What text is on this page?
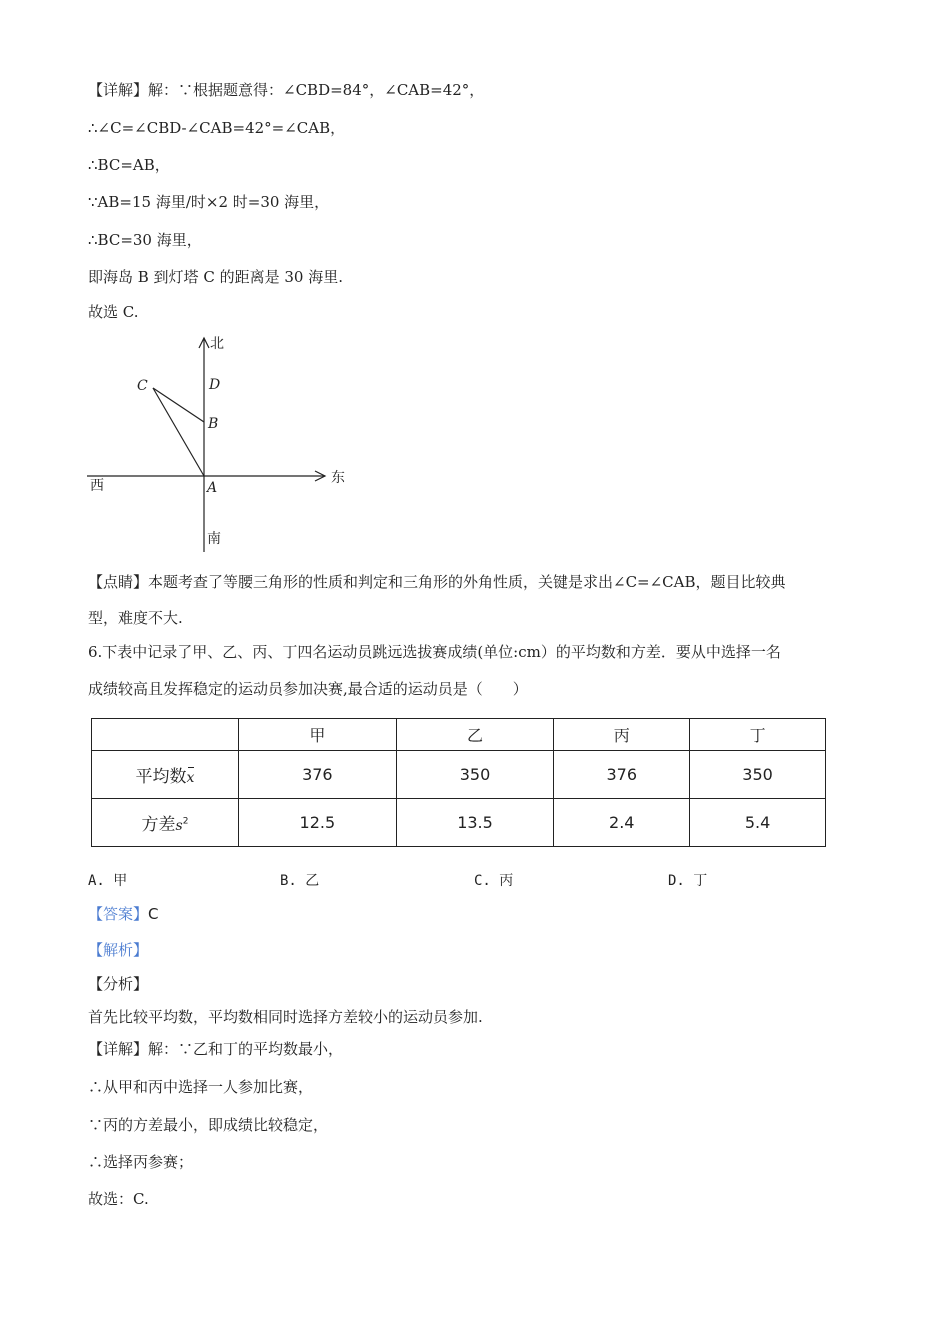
【详解】解：∵根据题意得：∠CBD=84°，∠CAB=42°，
∴∠C=∠CBD-∠CAB=42°=∠CAB，
∴BC=AB，
∵AB=15 海里/时×2 时=30 海里，
∴BC=30 海里，
即海岛 B 到灯塔 C 的距离是 30 海里.
故选 C.
北
南
东
西
C	D
B
A
【点睛】本题考查了等腰三角形的性质和判定和三角形的外角性质，关键是求出∠C=∠CAB，题目比较典
型，难度不大.
6.下表中记录了甲、乙、丙、丁四名运动员跳远选拔赛成绩(单位:cm）的平均数和方差．要从中选择一名
成绩较高且发挥稳定的运动员参加决赛,最合适的运动员是（　　）
	甲	乙	丙	丁
平均数x	376	350	376	350
方差$s^2$	12.5	13.5	2.4	5.4
A. 甲	B. 乙	C. 丙	D. 丁
【答案】C
【解析】
【分析】
首先比较平均数，平均数相同时选择方差较小的运动员参加.
【详解】解：∵乙和丁的平均数最小，
∴从甲和丙中选择一人参加比赛，
∵丙的方差最小，即成绩比较稳定，
∴选择丙参赛；
故选：C.
